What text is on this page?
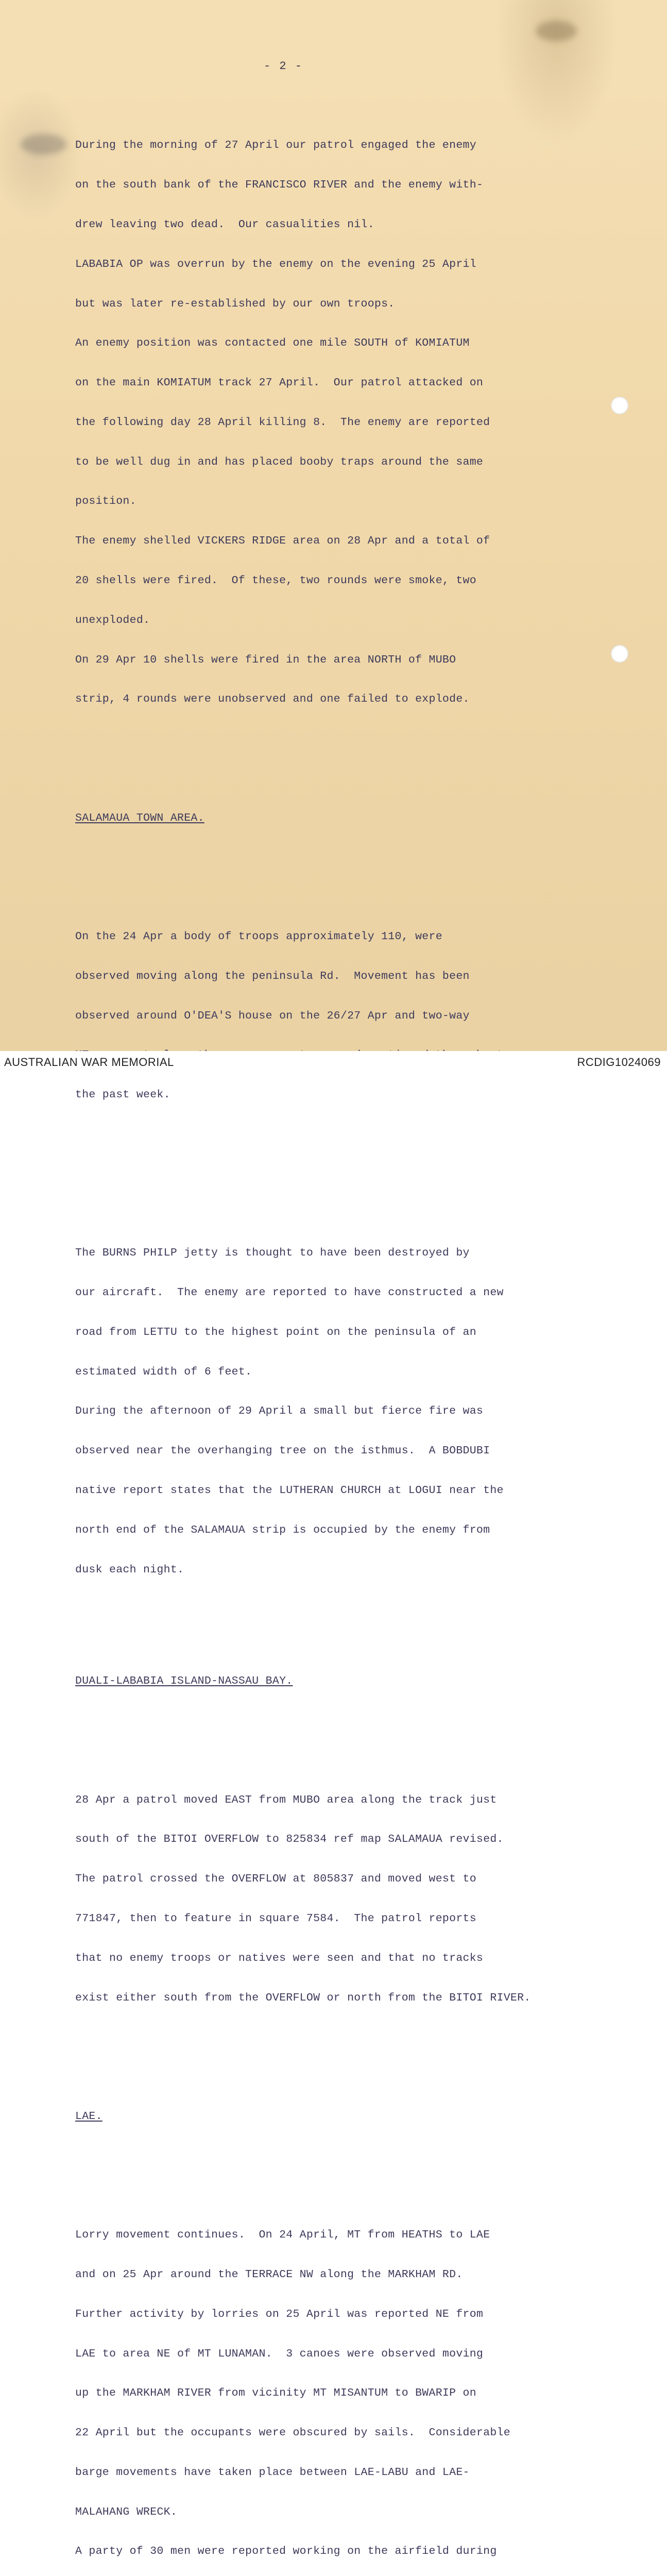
- 2 -

During the morning of 27 April our patrol engaged the enemy

on the south bank of the FRANCISCO RIVER and the enemy with-

drew leaving two dead.  Our casualities nil.

LABABIA OP was overrun by the enemy on the evening 25 April

but was later re-established by our own troops.

An enemy position was contacted one mile SOUTH of KOMIATUM

on the main KOMIATUM track 27 April.  Our patrol attacked on

the following day 28 April killing 8.  The enemy are reported

to be well dug in and has placed booby traps around the same

position.

The enemy shelled VICKERS RIDGE area on 28 Apr and a total of

20 shells were fired.  Of these, two rounds were smoke, two

unexploded.

On 29 Apr 10 shells were fired in the area NORTH of MUBO

strip, 4 rounds were unobserved and one failed to explode.

SALAMAUA TOWN AREA.

On the 24 Apr a body of troops approximately 110, were

observed moving along the peninsula Rd.  Movement has been

observed around O'DEA'S house on the 26/27 Apr and two-way

the past week.

The BURNS PHILP jetty is thought to have been destroyed by

our aircraft.  The enemy are reported to have constructed a new

road from LETTU to the highest point on the peninsula of an

estimated width of 6 feet.

During the afternoon of 29 April a small but fierce fire was

observed near the overhanging tree on the isthmus.  A BOBDUBI

native report states that the LUTHERAN CHURCH at LOGUI near the

north end of the SALAMAUA strip is occupied by the enemy from

dusk each night.

DUALI-LABABIA ISLAND-NASSAU BAY.

28 Apr a patrol moved EAST from MUBO area along the track just

south of the BITOI OVERFLOW to 825834 ref map SALAMAUA revised.

The patrol crossed the OVERFLOW at 805837 and moved west to

771847, then to feature in square 7584.  The patrol reports

that no enemy troops or natives were seen and that no tracks

exist either south from the OVERFLOW or north from the BITOI RIVER.

LAE.

Lorry movement continues.  On 24 April, MT from HEATHS to LAE

and on 25 Apr around the TERRACE NW along the MARKHAM RD.

Further activity by lorries on 25 April was reported NE from

LAE to area NE of MT LUNAMAN.  3 canoes were observed moving

up the MARKHAM RIVER from vicinity MT MISANTUM to BWARIP on

22 April but the occupants were obscured by sails.  Considerable

barge movements have taken place between LAE-LABU and LAE-

MALAHANG WRECK.

A party of 30 men were reported working on the airfield during

AUSTRALIAN WAR MEMORIAL	RCDIG1024069
